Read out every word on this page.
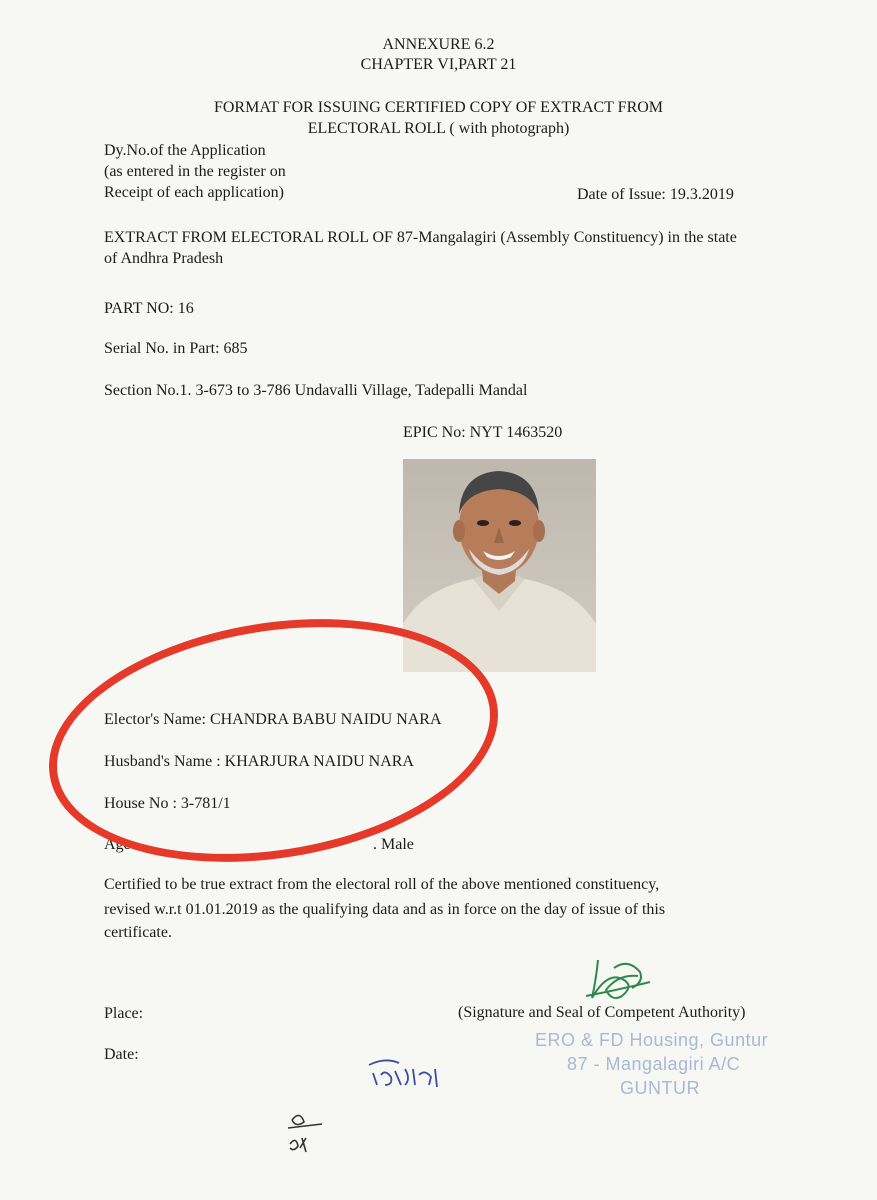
ANNEXURE 6.2
CHAPTER VI,PART 21
FORMAT FOR ISSUING CERTIFIED COPY OF EXTRACT FROM
ELECTORAL ROLL ( with photograph)
Dy.No.of the Application
(as entered in the register on
Receipt of each application)	Date of Issue: 19.3.2019
EXTRACT FROM ELECTORAL ROLL OF 87-Mangalagiri (Assembly Constituency) in the state
of Andhra Pradesh
PART NO: 16
Serial No. in Part: 685
Section No.1. 3-673 to 3-786 Undavalli Village, Tadepalli Mandal
EPIC No: NYT 1463520
Elector's Name: CHANDRA BABU NAIDU NARA
Husband's Name : KHARJURA NAIDU NARA
House No : 3-781/1
Age .	. Male
Certified to be true extract from the electoral roll of the above mentioned constituency,
revised w.r.t 01.01.2019 as the qualifying data and as in force on the day of issue of this
certificate.
Place:
Date:
(Signature and Seal of Competent Authority)
ERO & FD Housing, Guntur
87 - Mangalagiri A/C
GUNTUR
